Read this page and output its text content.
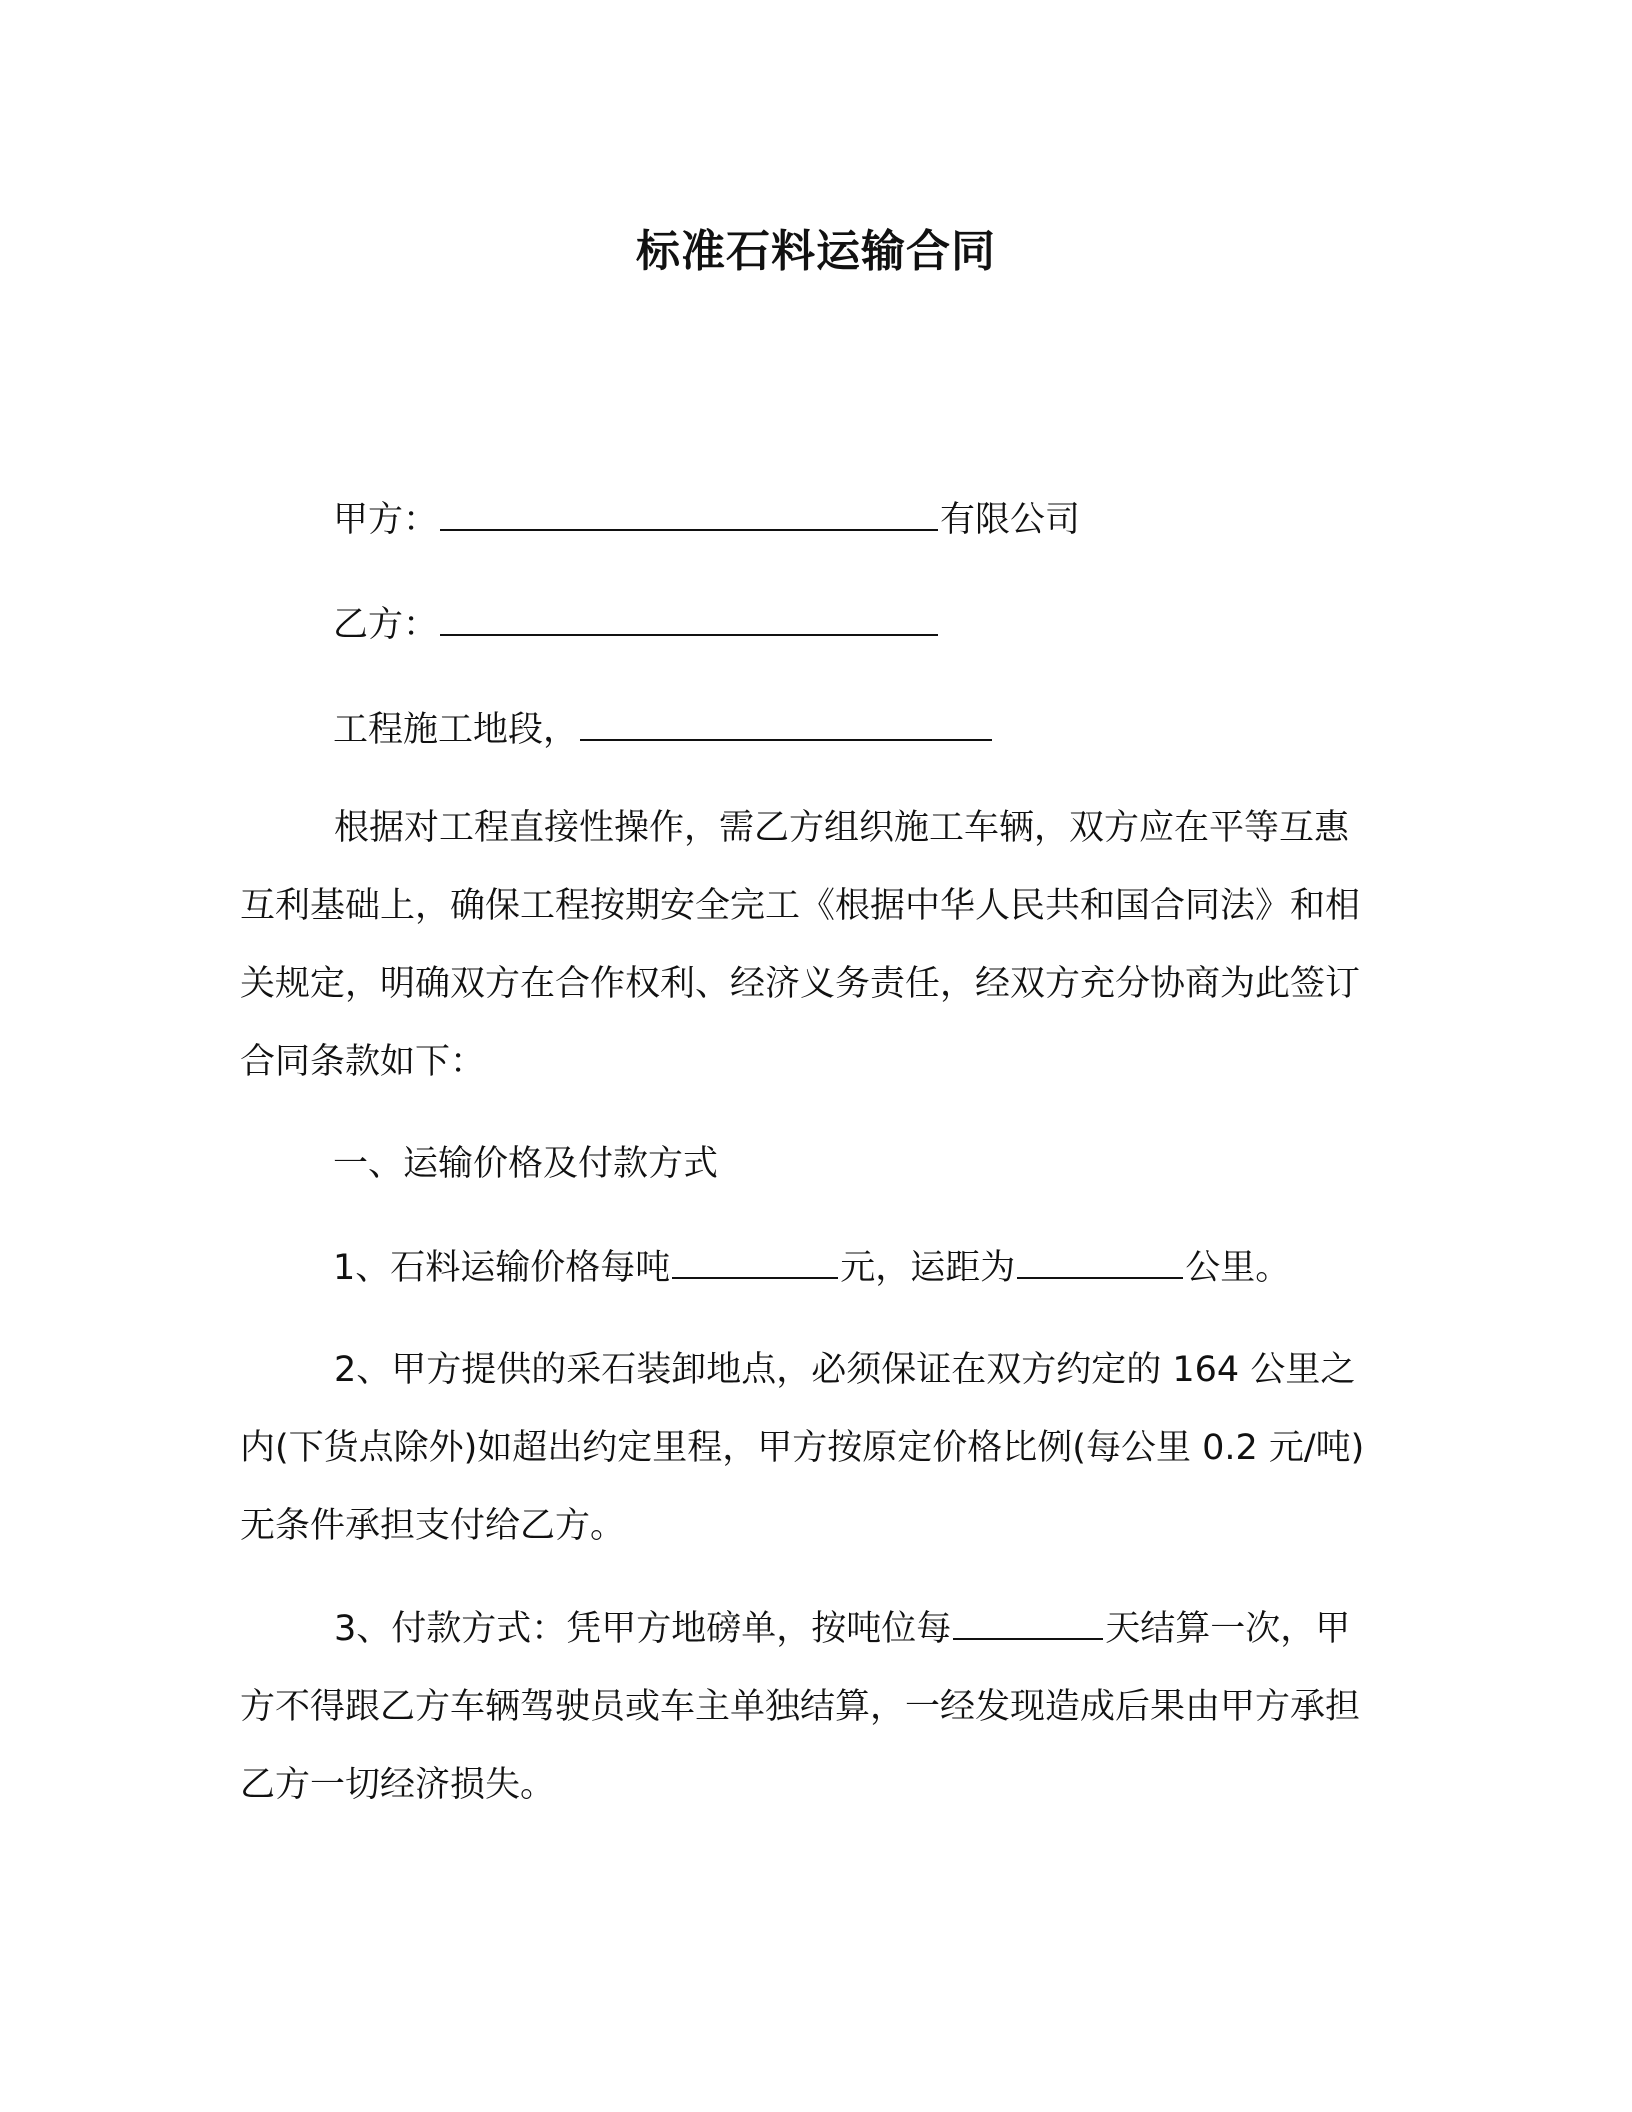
标准石料运输合同
甲方：	有限公司
乙方：
工程施工地段，
根据对工程直接性操作，需乙方组织施工车辆，双方应在平等互惠互利基础上，确保工程按期安全完工《根据中华人民共和国合同法》和相关规定，明确双方在合作权利、经济义务责任，经双方充分协商为此签订合同条款如下：
一、运输价格及付款方式
1、石料运输价格每吨	元，运距为	公里。
2、甲方提供的采石装卸地点，必须保证在双方约定的 164 公里之内(下货点除外)如超出约定里程，甲方按原定价格比例(每公里 0.2 元/吨)无条件承担支付给乙方。
3、付款方式：凭甲方地磅单，按吨位每	天结算一次，甲方不得跟乙方车辆驾驶员或车主单独结算，一经发现造成后果由甲方承担乙方一切经济损失。
